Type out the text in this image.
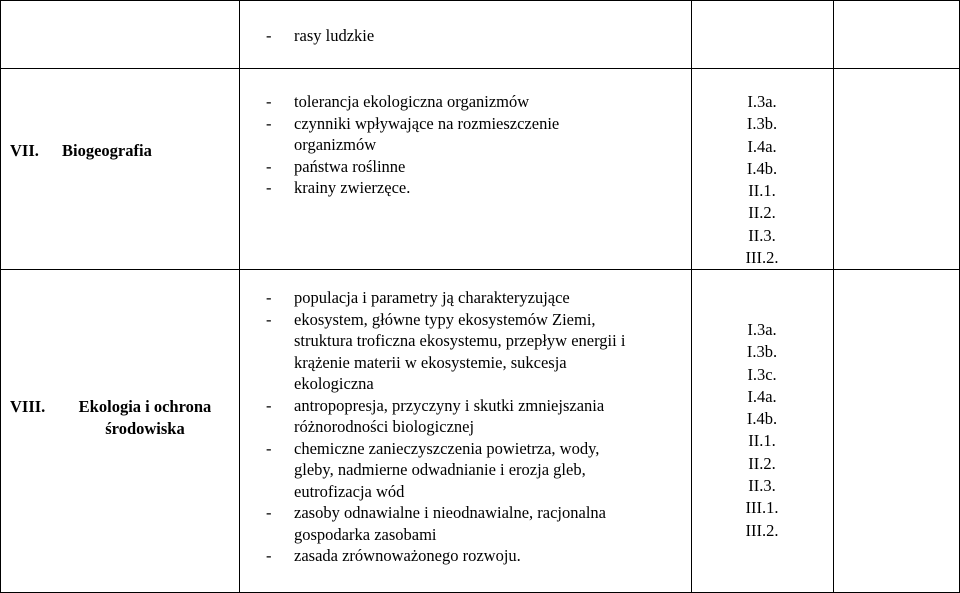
- rasy ludzkie
VII. Biogeografia
- tolerancja ekologiczna organizmów
- czynniki wpływające na rozmieszczenie
organizmów
- państwa roślinne
- krainy zwierzęce.
I.3a.
I.3b.
I.4a.
I.4b.
II.1.
II.2.
II.3.
III.2.
VIII.	Ekologia i ochrona
środowiska
- populacja i parametry ją charakteryzujące
- ekosystem, główne typy ekosystemów Ziemi,
struktura troficzna ekosystemu, przepływ energii i
krążenie materii w ekosystemie, sukcesja
ekologiczna
- antropopresja, przyczyny i skutki zmniejszania
różnorodności biologicznej
- chemiczne zanieczyszczenia powietrza, wody,
gleby, nadmierne odwadnianie i erozja gleb,
eutrofizacja wód
- zasoby odnawialne i nieodnawialne, racjonalna
gospodarka zasobami
- zasada zrównoważonego rozwoju.
I.3a.
I.3b.
I.3c.
I.4a.
I.4b.
II.1.
II.2.
II.3.
III.1.
III.2.
